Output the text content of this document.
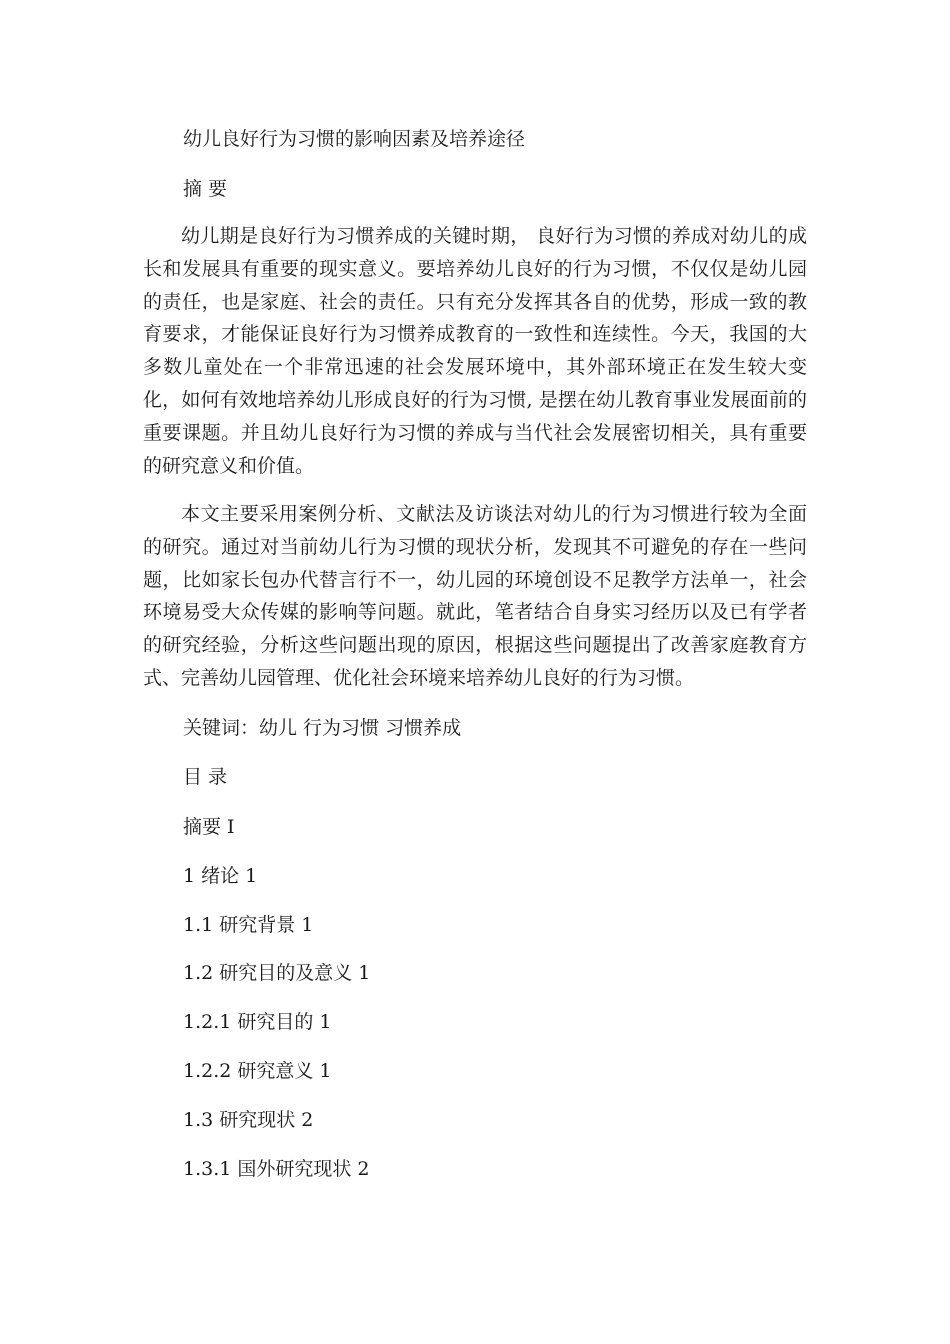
幼儿良好行为习惯的影响因素及培养途径

摘 要

幼儿期是良好行为习惯养成的关键时期， 良好行为习惯的养成对幼儿的成长和发展具有重要的现实意义。要培养幼儿良好的行为习惯，不仅仅是幼儿园的责任，也是家庭、社会的责任。只有充分发挥其各自的优势，形成一致的教育要求，才能保证良好行为习惯养成教育的一致性和连续性。今天，我国的大多数儿童处在一个非常迅速的社会发展环境中，其外部环境正在发生较大变化，如何有效地培养幼儿形成良好的行为习惯, 是摆在幼儿教育事业发展面前的重要课题。并且幼儿良好行为习惯的养成与当代社会发展密切相关，具有重要的研究意义和价值。

本文主要采用案例分析、文献法及访谈法对幼儿的行为习惯进行较为全面的研究。通过对当前幼儿行为习惯的现状分析，发现其不可避免的存在一些问题，比如家长包办代替言行不一，幼儿园的环境创设不足教学方法单一，社会环境易受大众传媒的影响等问题。就此，笔者结合自身实习经历以及已有学者的研究经验，分析这些问题出现的原因，根据这些问题提出了改善家庭教育方式、完善幼儿园管理、优化社会环境来培养幼儿良好的行为习惯。

关键词：幼儿 行为习惯 习惯养成

目 录

摘要 I

1 绪论 1

1.1 研究背景 1

1.2 研究目的及意义 1

1.2.1 研究目的 1

1.2.2 研究意义 1

1.3 研究现状 2

1.3.1 国外研究现状 2
